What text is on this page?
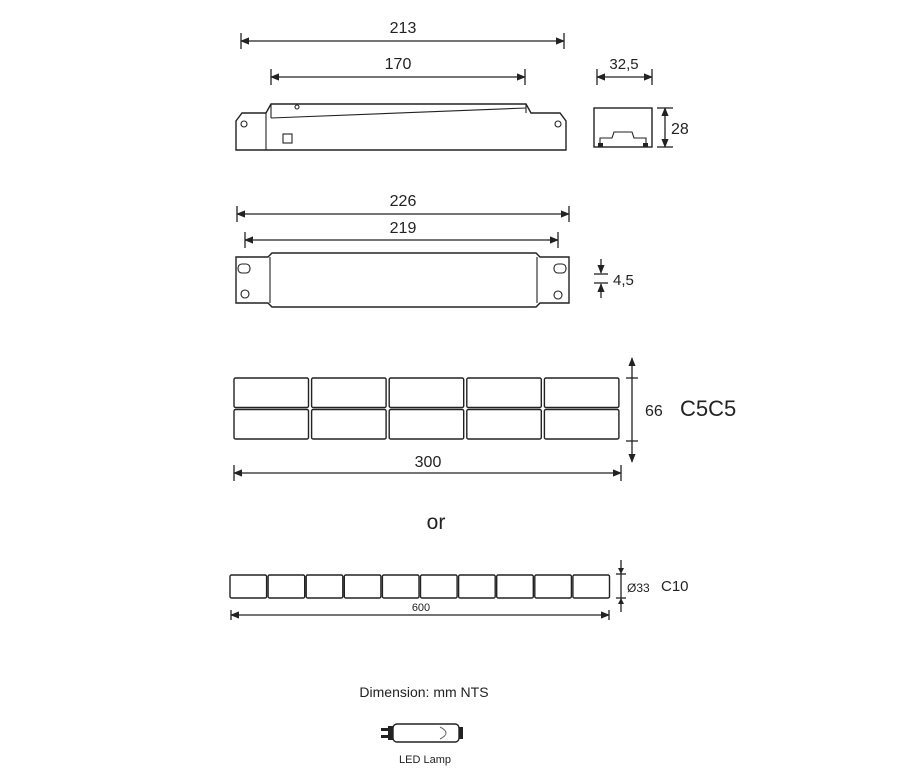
213
170	32,5
28
226
219
4,5
66 C5C5
300
or
Ø33 C10
600
Dimension: mm NTS
LED Lamp
